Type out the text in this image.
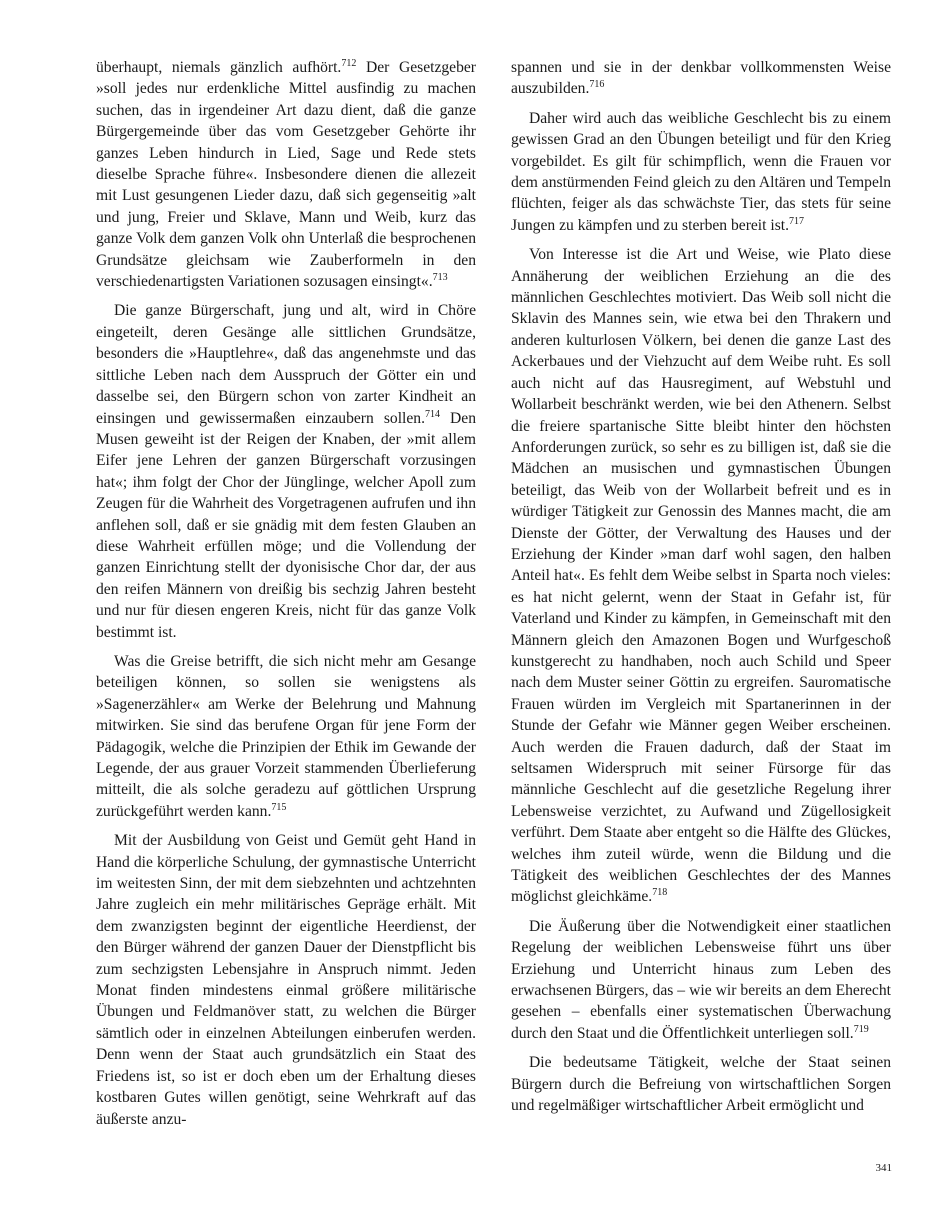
überhaupt, niemals gänzlich aufhört.$^{712}$ Der Gesetzgeber »soll jedes nur erdenkliche Mittel ausfindig zu machen suchen, das in irgendeiner Art dazu dient, daß die ganze Bürgergemeinde über das vom Gesetzgeber Gehörte ihr ganzes Leben hindurch in Lied, Sage und Rede stets dieselbe Sprache führe«. Insbesondere dienen die allezeit mit Lust gesungenen Lieder dazu, daß sich gegenseitig »alt und jung, Freier und Sklave, Mann und Weib, kurz das ganze Volk dem ganzen Volk ohn Unterlaß die besprochenen Grundsätze gleichsam wie Zauberformeln in den verschiedenartigsten Variationen sozusagen einsingt«.$^{713}$

Die ganze Bürgerschaft, jung und alt, wird in Chöre eingeteilt, deren Gesänge alle sittlichen Grundsätze, besonders die »Hauptlehre«, daß das angenehmste und das sittliche Leben nach dem Ausspruch der Götter ein und dasselbe sei, den Bürgern schon von zarter Kindheit an einsingen und gewissermaßen einzaubern sollen.$^{714}$ Den Musen geweiht ist der Reigen der Knaben, der »mit allem Eifer jene Lehren der ganzen Bürgerschaft vorzusingen hat«; ihm folgt der Chor der Jünglinge, welcher Apoll zum Zeugen für die Wahrheit des Vorgetragenen aufrufen und ihn anflehen soll, daß er sie gnädig mit dem festen Glauben an diese Wahrheit erfüllen möge; und die Vollendung der ganzen Einrichtung stellt der dyonisische Chor dar, der aus den reifen Männern von dreißig bis sechzig Jahren besteht und nur für diesen engeren Kreis, nicht für das ganze Volk bestimmt ist.

Was die Greise betrifft, die sich nicht mehr am Gesange beteiligen können, so sollen sie wenigstens als »Sagenerzähler« am Werke der Belehrung und Mahnung mitwirken. Sie sind das berufene Organ für jene Form der Pädagogik, welche die Prinzipien der Ethik im Gewande der Legende, der aus grauer Vorzeit stammenden Überlieferung mitteilt, die als solche geradezu auf göttlichen Ursprung zurückgeführt werden kann.$^{715}$

Mit der Ausbildung von Geist und Gemüt geht Hand in Hand die körperliche Schulung, der gymnastische Unterricht im weitesten Sinn, der mit dem siebzehnten und achtzehnten Jahre zugleich ein mehr militärisches Gepräge erhält. Mit dem zwanzigsten beginnt der eigentliche Heerdienst, der den Bürger während der ganzen Dauer der Dienstpflicht bis zum sechzigsten Lebensjahre in Anspruch nimmt. Jeden Monat finden mindestens einmal größere militärische Übungen und Feldmanöver statt, zu welchen die Bürger sämtlich oder in einzelnen Abteilungen einberufen werden. Denn wenn der Staat auch grundsätzlich ein Staat des Friedens ist, so ist er doch eben um der Erhaltung dieses kostbaren Gutes willen genötigt, seine Wehrkraft auf das äußerste anzu-

spannen und sie in der denkbar vollkommensten Weise auszubilden.$^{716}$

Daher wird auch das weibliche Geschlecht bis zu einem gewissen Grad an den Übungen beteiligt und für den Krieg vorgebildet. Es gilt für schimpflich, wenn die Frauen vor dem anstürmenden Feind gleich zu den Altären und Tempeln flüchten, feiger als das schwächste Tier, das stets für seine Jungen zu kämpfen und zu sterben bereit ist.$^{717}$

Von Interesse ist die Art und Weise, wie Plato diese Annäherung der weiblichen Erziehung an die des männlichen Geschlechtes motiviert. Das Weib soll nicht die Sklavin des Mannes sein, wie etwa bei den Thrakern und anderen kulturlosen Völkern, bei denen die ganze Last des Ackerbaues und der Viehzucht auf dem Weibe ruht. Es soll auch nicht auf das Hausregiment, auf Webstuhl und Wollarbeit beschränkt werden, wie bei den Athenern. Selbst die freiere spartanische Sitte bleibt hinter den höchsten Anforderungen zurück, so sehr es zu billigen ist, daß sie die Mädchen an musischen und gymnastischen Übungen beteiligt, das Weib von der Wollarbeit befreit und es in würdiger Tätigkeit zur Genossin des Mannes macht, die am Dienste der Götter, der Verwaltung des Hauses und der Erziehung der Kinder »man darf wohl sagen, den halben Anteil hat«. Es fehlt dem Weibe selbst in Sparta noch vieles: es hat nicht gelernt, wenn der Staat in Gefahr ist, für Vaterland und Kinder zu kämpfen, in Gemeinschaft mit den Männern gleich den Amazonen Bogen und Wurfgeschoß kunstgerecht zu handhaben, noch auch Schild und Speer nach dem Muster seiner Göttin zu ergreifen. Sauromatische Frauen würden im Vergleich mit Spartanerinnen in der Stunde der Gefahr wie Männer gegen Weiber erscheinen. Auch werden die Frauen dadurch, daß der Staat im seltsamen Widerspruch mit seiner Fürsorge für das männliche Geschlecht auf die gesetzliche Regelung ihrer Lebensweise verzichtet, zu Aufwand und Zügellosigkeit verführt. Dem Staate aber entgeht so die Hälfte des Glückes, welches ihm zuteil würde, wenn die Bildung und die Tätigkeit des weiblichen Geschlechtes der des Mannes möglichst gleichkäme.$^{718}$

Die Äußerung über die Notwendigkeit einer staatlichen Regelung der weiblichen Lebensweise führt uns über Erziehung und Unterricht hinaus zum Leben des erwachsenen Bürgers, das – wie wir bereits an dem Eherecht gesehen – ebenfalls einer systematischen Überwachung durch den Staat und die Öffentlichkeit unterliegen soll.$^{719}$

Die bedeutsame Tätigkeit, welche der Staat seinen Bürgern durch die Befreiung von wirtschaftlichen Sorgen und regelmäßiger wirtschaftlicher Arbeit ermöglicht und

341
